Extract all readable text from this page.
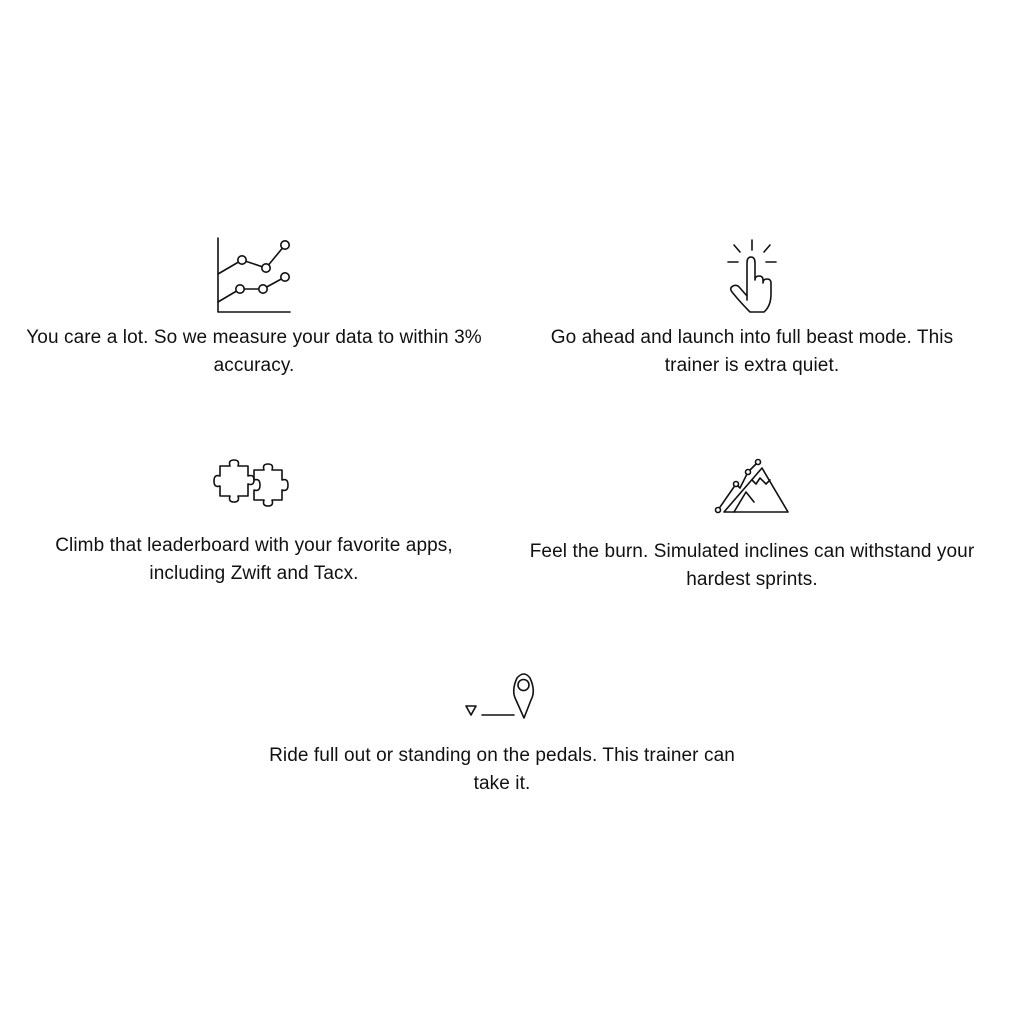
You care a lot. So we measure your data to within 3% accuracy.

Go ahead and launch into full beast mode. This trainer is extra quiet.

Climb that leaderboard with your favorite apps, including Zwift and Tacx.

Feel the burn. Simulated inclines can withstand your hardest sprints.

Ride full out or standing on the pedals. This trainer can take it.
